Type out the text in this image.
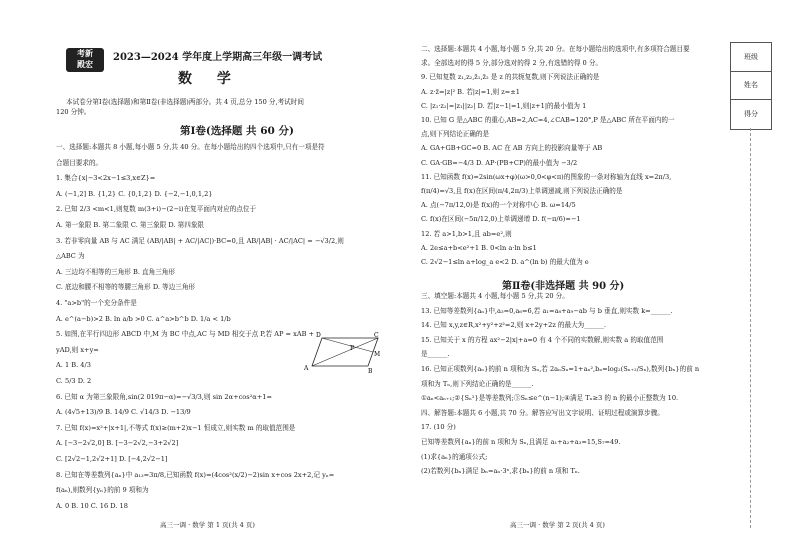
考新
殿宏
2023—2024 学年度上学期高三年级一调考试
数 学
本试卷分第Ⅰ卷(选择题)和第Ⅱ卷(非选择题)两部分。共 4 页,总分 150 分,考试时间
120 分钟。
第Ⅰ卷(选择题 共 60 分)
一、选择题:本题共 8 小题,每小题 5 分,共 40 分。在每小题给出的四个选项中,只有一项是符
合题目要求的。
1. 集合{x|−3<2x−1≤3,x∈Z}=
A. (−1,2] B. {1,2} C. {0,1,2} D. {−2,−1,0,1,2}
2. 已知 2/3 <m<1,则复数 m(3+i)−(2−i)在复平面内对应的点位于
A. 第一象限 B. 第二象限 C. 第三象限 D. 第四象限
3. 若非零向量 AB 与 AC 满足 (AB/|AB| + AC/|AC|)·BC=0,且 AB/|AB| · AC/|AC| = −√3/2,则
△ABC 为
A. 三边均不相等的三角形 B. 直角三角形
C. 底边和腰不相等的等腰三角形 D. 等边三角形
4. "a>b"的一个充分条件是
A. e^(a−b)>2 B. ln a/b >0 C. a^a>b^b D. 1/a < 1/b
5. 如图,在平行四边形 ABCD 中,M 为 BC 中点,AC 与 MD 相交于点 P,若 AP = xAB +
yAD,则 x+y=
A. 1 B. 4/3
C. 5/3 D. 2
6. 已知 α 为第三象限角,sin(2 019π−α)=−√3/3,则 sin 2α+cos²α+1=
A. (4√5+13)/9 B. 14/9 C. √14/3 D. −13/9
7. 已知 f(x)=x²+|x+1|,不等式 f(x)≥(m+2)x−1 恒成立,则实数 m 的取值范围是
A. [−3−2√2,0] B. [−3−2√2,−3+2√2]
C. [2√2−1,2√2+1] D. [−4,2√2−1]
8. 已知在等差数列{aₙ}中 a₁₃=3π/8,已知函数 f(x)=(4cos²(x/2)−2)sin x+cos 2x+2,记 yₙ=
f(aₙ),则数列{yₙ}的前 9 项和为
A. 0 B. 10 C. 16 D. 18
A	B
C
D
M
P
高三一调 · 数学 第 1 页(共 4 页)
二、选择题:本题共 4 小题,每小题 5 分,共 20 分。在每小题给出的选项中,有多项符合题目要
求。全部选对的得 5 分,部分选对的得 2 分,有选错的得 0 分。
9. 已知复数 z₁,z₂,z̄₁,z̄₂ 是 z 的共轭复数,则下列说法正确的是
A. z·z̄=|z|² B. 若|z|=1,则 z=±1
C. |z₁·z₂|=|z₁||z₂| D. 若|z−1|=1,则|z+1|的最小值为 1
10. 已知 G 是△ABC 的重心,AB=2,AC=4,∠CAB=120°,P 是△ABC 所在平面内的一
点,则下列结论正确的是
A. GA+GB+GC=0 B. AC 在 AB 方向上的投影向量等于 AB
C. GA·GB=−4/3 D. AP·(PB+CP)的最小值为 −3/2
11. 已知函数 f(x)=2sin(ωx+φ)(ω>0,0<φ<π)的图象的一条对称轴为直线 x=2π/3,
f(π/4)=√3,且 f(x)在区间(π/4,2π/3)上单调递减,则下列说法正确的是
A. 点(−7π/12,0)是 f(x)的一个对称中心 B. ω=14/5
C. f(x)在区间(−5π/12,0)上单调递增 D. f(−π/6)=−1
12. 若 a>1,b>1,且 ab=e²,则
A. 2e≤a+b<e²+1 B. 0<ln a·ln b≤1
C. 2√2−1≤ln a+log_a e<2 D. a^(ln b) 的最大值为 e
第Ⅱ卷(非选择题 共 90 分)
三、填空题:本题共 4 小题,每小题 5 分,共 20 分。
13. 已知等差数列{aₙ}中,a₃=0,a₆=6,若 a₁=a₈+a₉−ab 与 b 垂直,则实数 k=______.
14. 已知 x,y,z∈R,x²+y²+z²=2,则 x+2y+2z 的最大为______.
15. 已知关于 x 的方程 ax²−2|x|+a=0 有 4 个不同的实数解,则实数 a 的取值范围
是______.
16. 已知正项数列{aₙ}的前 n 项和为 Sₙ,若 2aₙSₙ=1+aₙ²,bₙ=log₂(Sₙ₊₂/Sₙ),数列{bₙ}的前 n
项和为 Tₙ,则下列结论正确的是______.
①aₙ<aₙ₊₁;②{Sₙ²}是等差数列;③Sₙ≤e^(n−1);④满足 Tₙ≥3 的 n 的最小正整数为 10.
四、解答题:本题共 6 小题,共 70 分。解答应写出文字说明、证明过程或演算步骤。
17. (10 分)
已知等差数列{aₙ}的前 n 项和为 Sₙ,且满足 a₁+a₂+a₃=15,S₇=49.
(1)求{aₙ}的通项公式;
(2)若数列{bₙ}满足 bₙ=aₙ·3ⁿ,求{bₙ}的前 n 项和 Tₙ.
高三一调 · 数学 第 2 页(共 4 页)
班级
姓名
得分
